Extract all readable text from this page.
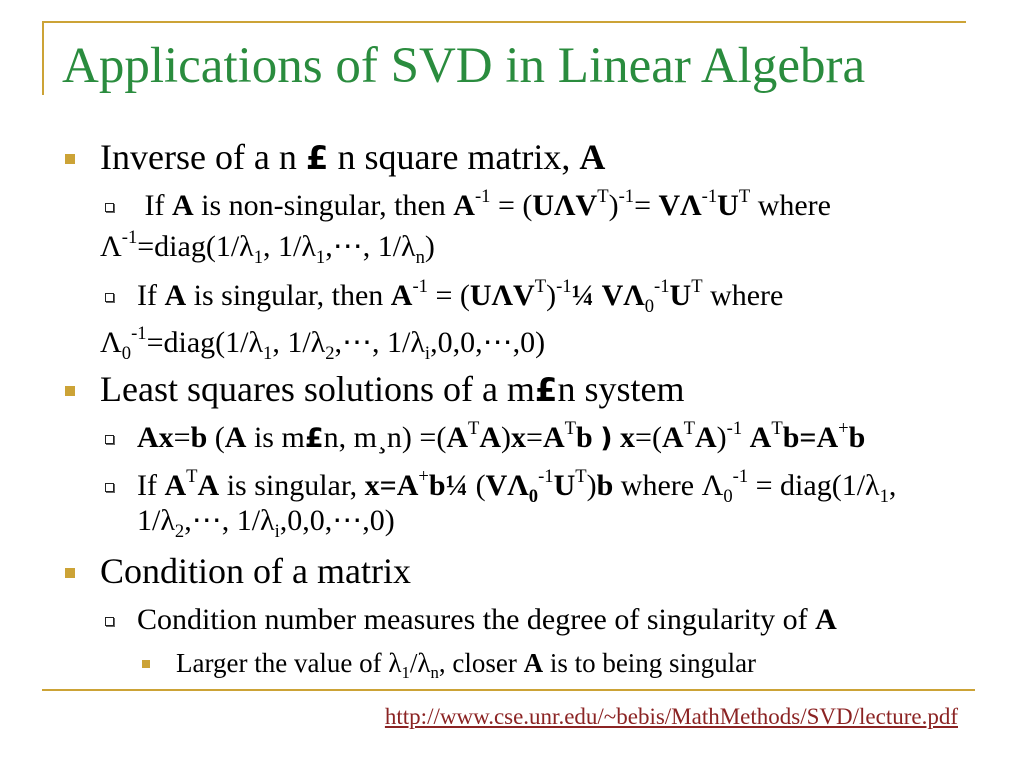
Applications of SVD in Linear Algebra
Inverse of a n £ n square matrix, A
If A is non-singular, then $A^{-1} = (U\Lambda V^T)^{-1}= V\Lambda^{-1}U^T$ where
$\Lambda^{-1}=diag(1/\lambda_1$, $1/\lambda_1,\cdots$, $1/\lambda_n$)
If A is singular, then $A^{-1}$ = $(U\Lambda V^T)^{-1}\frac{1}{4}$ $V\Lambda_0^{-1}U^T$ where
$\Lambda_0^{-1}=diag(1/\lambda_1$, $1/\lambda_2,\cdots$, $1/\lambda_i,0,0,\cdots,0$)
Least squares solutions of a m£n system
Ax=b (A is m£n, m¸n) $=(A^TA)x=A^Tb$ ) $x=(A^TA)^{-1}$ $A^Tb=A^+b$
If $A^TA$ is singular, x=A+b¼ $(V\Lambda_0^{-1}U^T)b$ where $\Lambda_0^{-1}$ = $diag(1/\lambda_1$,
$1/\lambda_2,\cdots$, $1/\lambda_i,0,0,\cdots,0$)
Condition of a matrix
Condition number measures the degree of singularity of A
Larger the value of $\lambda_1/\lambda_n$, closer A is to being singular
http://www.cse.unr.edu/~bebis/MathMethods/SVD/lecture.pdf
